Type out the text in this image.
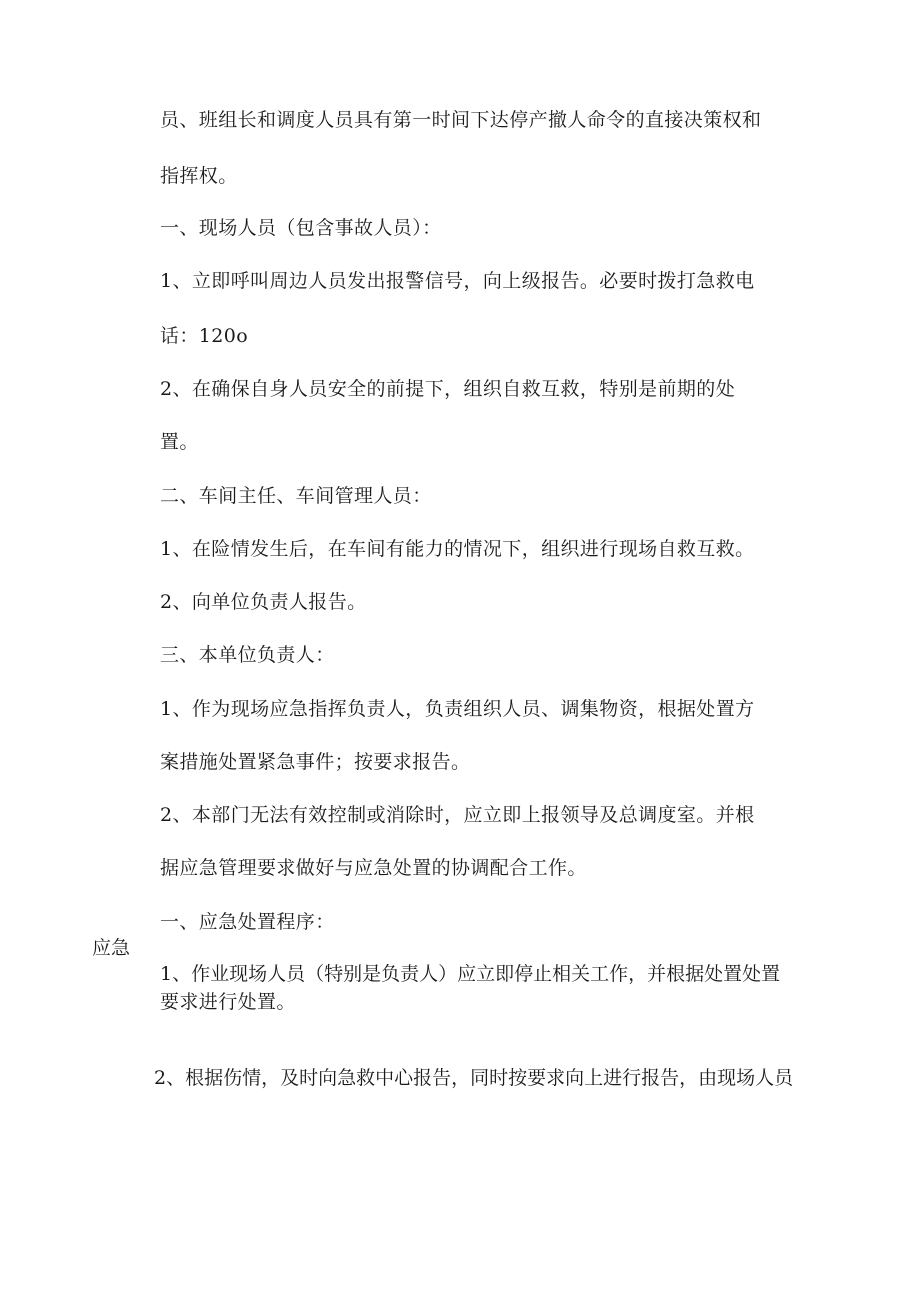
员、班组长和调度人员具有第一时间下达停产撤人命令的直接决策权和
指挥权。
一、现场人员（包含事故人员）：
1、立即呼叫周边人员发出报警信号，向上级报告。必要时拨打急救电
话：120o
2、在确保自身人员安全的前提下，组织自救互救，特别是前期的处
置。
二、车间主任、车间管理人员：
1、在险情发生后，在车间有能力的情况下，组织进行现场自救互救。
2、向单位负责人报告。
三、本单位负责人：
1、作为现场应急指挥负责人，负责组织人员、调集物资，根据处置方
案措施处置紧急事件；按要求报告。
2、本部门无法有效控制或消除时，应立即上报领导及总调度室。并根
据应急管理要求做好与应急处置的协调配合工作。
一、应急处置程序：
应急
1、作业现场人员（特别是负责人）应立即停止相关工作，并根据处置处置
要求进行处置。
2、根据伤情，及时向急救中心报告，同时按要求向上进行报告，由现场人员
